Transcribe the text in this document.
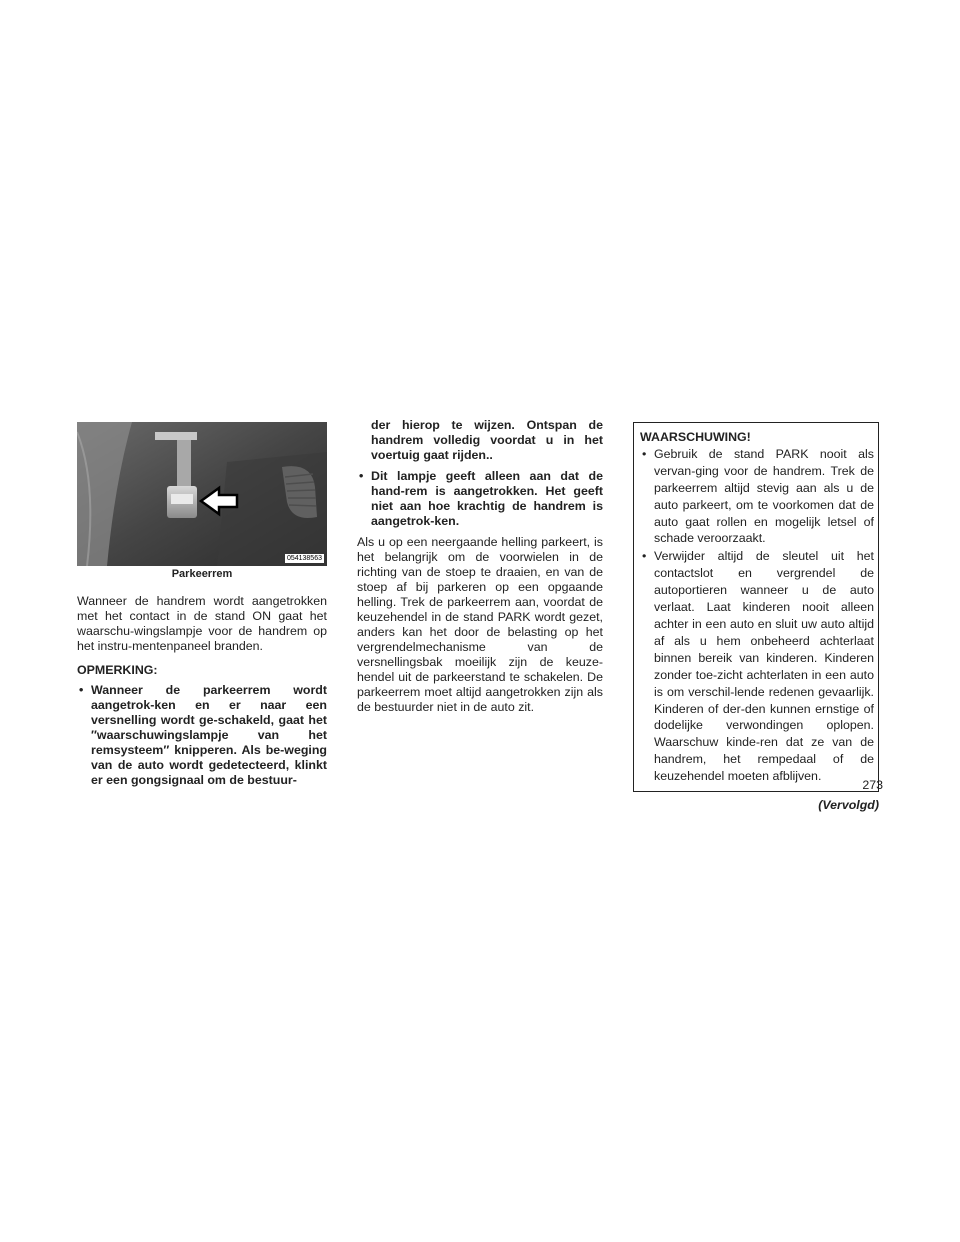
054138563
Parkeerrem

Wanneer de handrem wordt aangetrokken met het contact in de stand ON gaat het waarschu-wingslampje voor de handrem op het instru-mentenpaneel branden.

OPMERKING:
• Wanneer de parkeerrem wordt aangetrok-ken en er naar een versnelling wordt ge-schakeld, gaat het ″waarschuwingslampje van het remsysteem″ knipperen. Als be-weging van de auto wordt gedetecteerd, klinkt er een gongsignaal om de bestuur-
der hierop te wijzen. Ontspan de handrem volledig voordat u in het voertuig gaat rijden..
• Dit lampje geeft alleen aan dat de hand-rem is aangetrokken. Het geeft niet aan hoe krachtig de handrem is aangetrok-ken.

Als u op een neergaande helling parkeert, is het belangrijk om de voorwielen in de richting van de stoep te draaien, en van de stoep af bij parkeren op een opgaande helling. Trek de parkeerrem aan, voordat de keuzehendel in de stand PARK wordt gezet, anders kan het door de belasting op het vergrendelmechanisme van de versnellingsbak moeilijk zijn de keuze-hendel uit de parkeerstand te schakelen. De parkeerrem moet altijd aangetrokken zijn als de bestuurder niet in de auto zit.

WAARSCHUWING!
• Gebruik de stand PARK nooit als vervan-ging voor de handrem. Trek de parkeerrem altijd stevig aan als u de auto parkeert, om te voorkomen dat de auto gaat rollen en mogelijk letsel of schade veroorzaakt.
• Verwijder altijd de sleutel uit het contactslot en vergrendel de autoportieren wanneer u de auto verlaat. Laat kinderen nooit alleen achter in een auto en sluit uw auto altijd af als u hem onbeheerd achterlaat binnen bereik van kinderen. Kinderen zonder toe-zicht achterlaten in een auto is om verschil-lende redenen gevaarlijk. Kinderen of der-den kunnen ernstige of dodelijke verwondingen oplopen. Waarschuw kinde-ren dat ze van de handrem, het rempedaal of de keuzehendel moeten afblijven.
(Vervolgd)
273
